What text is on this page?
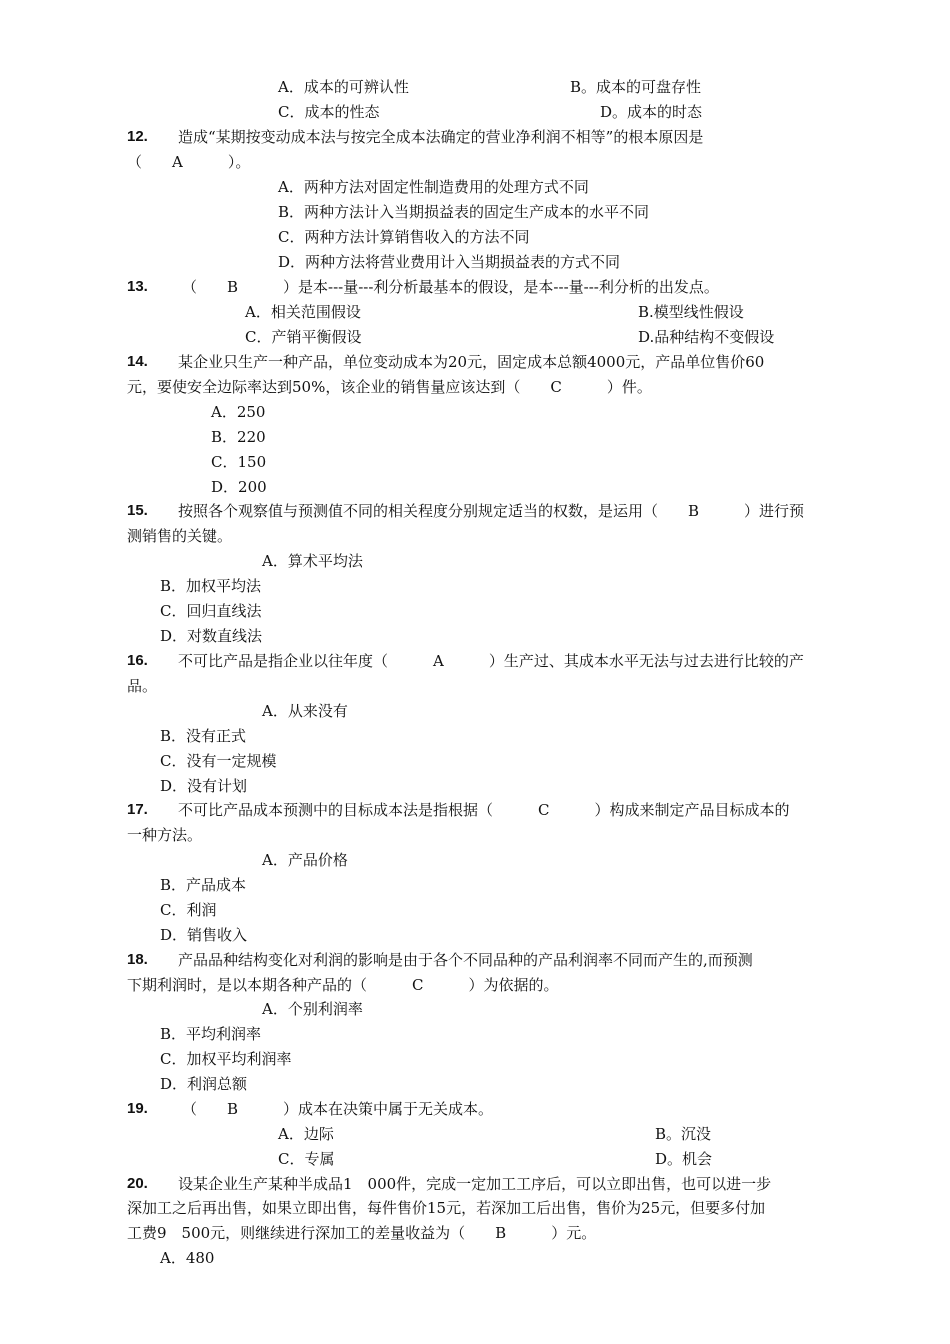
A．成本的可辨认性	B。成本的可盘存性
C．成本的性态	D。成本的时态
12. 造成“某期按变动成本法与按完全成本法确定的营业净利润不相等”的根本原因是
（　　A　　　）。
A．两种方法对固定性制造费用的处理方式不同
B．两种方法计入当期损益表的固定生产成本的水平不同
C．两种方法计算销售收入的方法不同
D．两种方法将营业费用计入当期损益表的方式不同
13. （　　B　　　）是本---量---利分析最基本的假设，是本---量---利分析的出发点。
A．相关范围假设	B.模型线性假设
C．产销平衡假设	D.品种结构不变假设
14. 某企业只生产一种产品，单位变动成本为20元，固定成本总额4000元，产品单位售价60
元，要使安全边际率达到50%，该企业的销售量应该达到（　　C　　　）件。
A．250
B．220
C．150
D．200
15. 按照各个观察值与预测值不同的相关程度分别规定适当的权数，是运用（　　B　　　）进行预
测销售的关键。
A．算术平均法
B．加权平均法
C．回归直线法
D．对数直线法
16. 不可比产品是指企业以往年度（　　　A　　　）生产过、其成本水平无法与过去进行比较的产
品。
A．从来没有
B．没有正式
C．没有一定规模
D．没有计划
17. 不可比产品成本预测中的目标成本法是指根据（　　　C　　　）构成来制定产品目标成本的
一种方法。
A．产品价格
B．产品成本
C．利润
D．销售收入
18. 产品品种结构变化对利润的影响是由于各个不同品种的产品利润率不同而产生的,而预测
下期利润时，是以本期各种产品的（　　　C　　　）为依据的。
A．个别利润率
B．平均利润率
C．加权平均利润率
D．利润总额
19. （　　B　　　）成本在决策中属于无关成本。
A．边际	B。沉没
C．专属	D。机会
20. 设某企业生产某种半成品1　000件，完成一定加工工序后，可以立即出售，也可以进一步
深加工之后再出售，如果立即出售，每件售价15元，若深加工后出售，售价为25元，但要多付加
工费9　500元，则继续进行深加工的差量收益为（　　B　　　）元。
A．480
